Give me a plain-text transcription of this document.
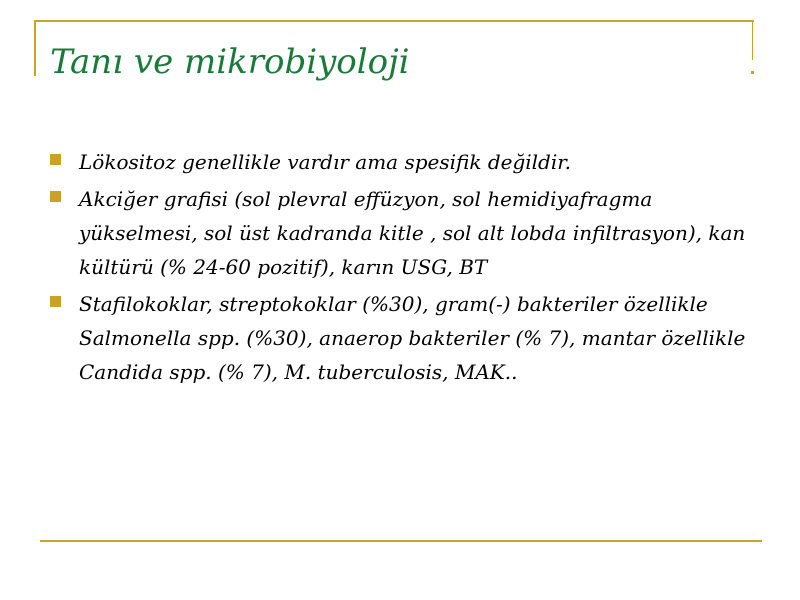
Tanı ve mikrobiyoloji
Lökositoz genellikle vardır ama spesifik değildir.
Akciğer grafisi (sol plevral effüzyon, sol hemidiyafragma yükselmesi, sol üst kadranda kitle , sol alt lobda infiltrasyon), kan kültürü (% 24-60 pozitif), karın USG, BT
Stafilokoklar, streptokoklar (%30), gram(-) bakteriler özellikle Salmonella spp. (%30), anaerop bakteriler (% 7), mantar özellikle Candida spp. (% 7), M. tuberculosis, MAK..
